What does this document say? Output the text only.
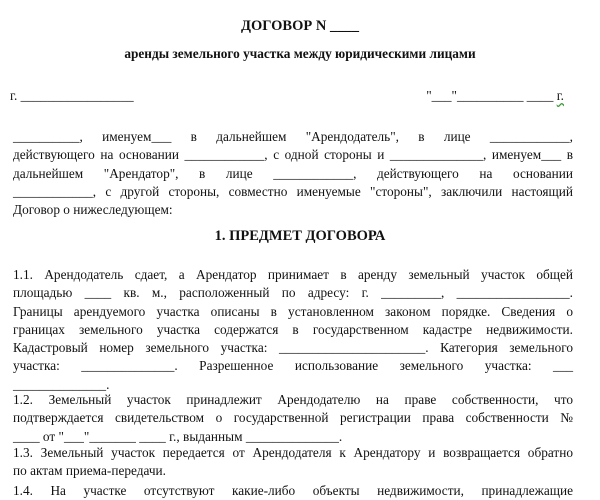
ДОГОВОР N ____
аренды земельного участка между юридическими лицами
г. _________________	"___"__________ ____ г.
__________, именуем___ в дальнейшем "Арендодатель", в лице ____________,
действующего на основании ____________, с одной стороны и ______________, именуем___ в
дальнейшем "Арендатор", в лице ____________, действующего на основании
____________, с другой стороны, совместно именуемые "стороны", заключили настоящий
Договор о нижеследующем:
1. ПРЕДМЕТ ДОГОВОРА
1.1. Арендодатель сдает, а Арендатор принимает в аренду земельный участок общей
площадью ____ кв. м., расположенный по адресу: г. _________, _________________.
Границы арендуемого участка описаны в установленном законом порядке. Сведения о
границах земельного участка содержатся в государственном кадастре недвижимости.
Кадастровый номер земельного участка: ______________________. Категория земельного
участка: ______________. Разрешенное использование земельного участка: ___
______________.
1.2. Земельный участок принадлежит Арендодателю на праве собственности, что
подтверждается свидетельством о государственной регистрации права собственности №
____ от "___"_______ ____ г., выданным ______________.
1.3. Земельный участок передается от Арендодателя к Арендатору и возвращается обратно
по актам приема-передачи.
1.4. На участке отсутствуют какие-либо объекты недвижимости, принадлежащие
